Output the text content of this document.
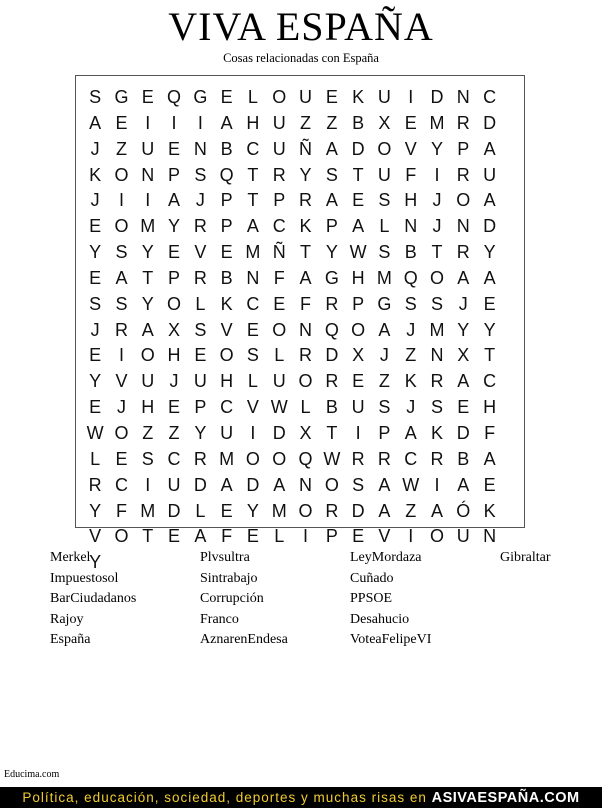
VIVA ESPAÑA
Cosas relacionadas con España
S G E Q G E L O U E K U I D N C
A E I	I	I A H U Z Z B X E M R D
J Z U E N B C U Ñ A D O V Y P A
K O N P S Q T R Y S T U F	I R U
J	I	I A J P T P R A E S H J O A
E O M Y R P A C K P A L N J N D
Y S Y E V E M Ñ T Y W S B T R Y
E A T P R B N F A G H M Q O A A
S S Y O L K C E F R P G S S J E
J R A X S V E O N Q O A J M Y Y
E I O H E O S L R D X J Z N X T
Y V U J U H L U O R E Z K R A C
E J H E P C V W L B U S J S E H
W O Z Z Y U I D X T	I P A K D F
L E S C R M O O Q W R R C R B A
R C I U D A D A N O S A W I A E
Y F M D L E Y M O R D A Z A Ó K
V O T E A F E L	I P E V I O U N
Y
Merkel
Impuestosol
BarCiudadanos
Rajoy
España
Plvsultra
Sintrabajo
Corrupción
Franco
AznarenEndesa
LeyMordaza
Cuñado
PPSOE
Desahucio
VoteaFelipeVI
Gibraltar
Educima.com
Política, educación, sociedad, deportes y muchas risas en ASIVAESPAÑA.COM
